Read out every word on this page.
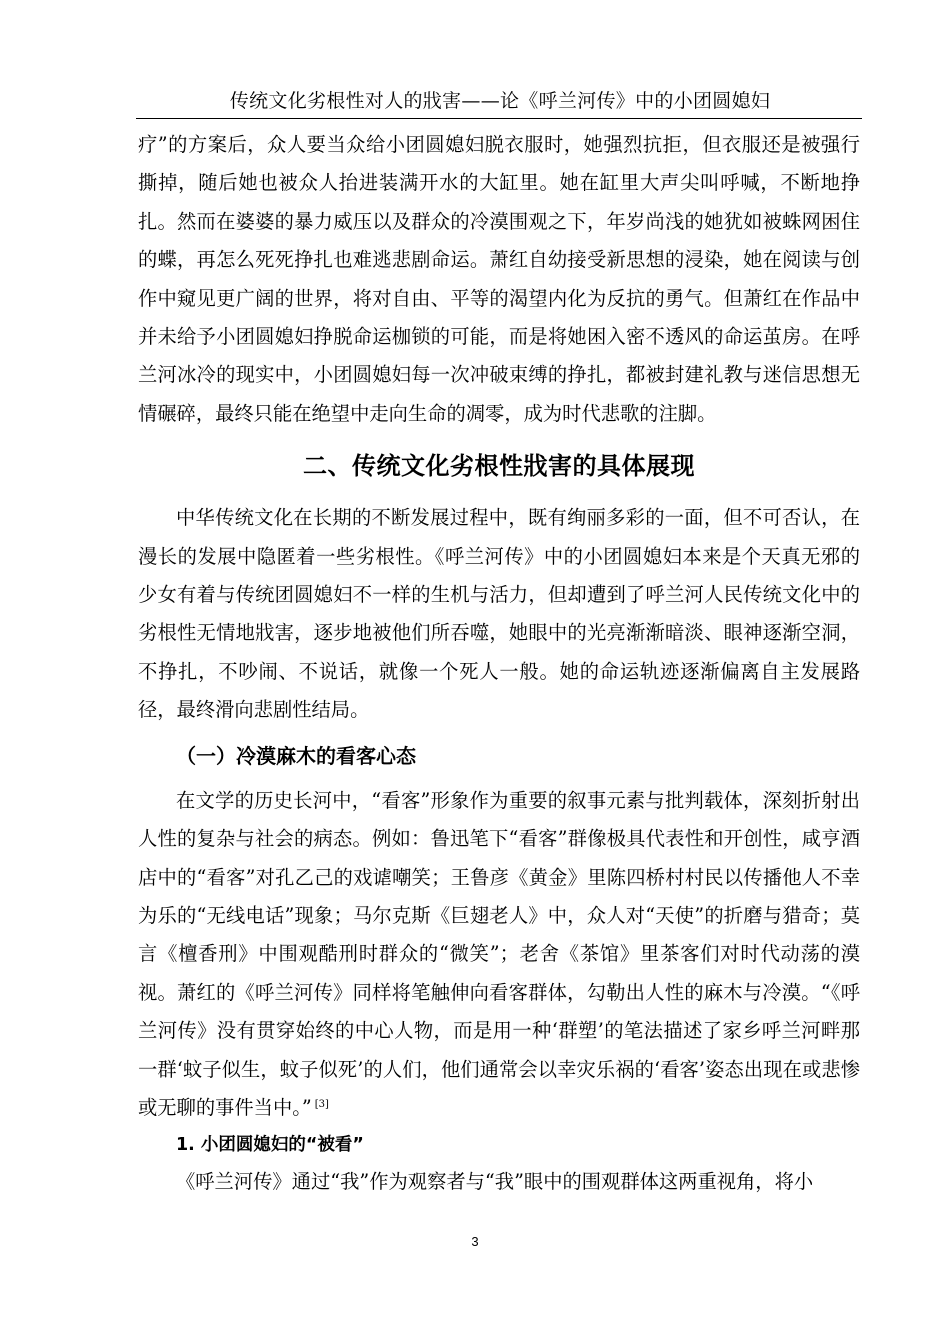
传统文化劣根性对人的戕害——论《呼兰河传》中的小团圆媳妇

疗”的方案后，众人要当众给小团圆媳妇脱衣服时，她强烈抗拒，但衣服还是被强行撕掉，随后她也被众人抬进装满开水的大缸里。她在缸里大声尖叫呼喊，不断地挣扎。然而在婆婆的暴力威压以及群众的冷漠围观之下，年岁尚浅的她犹如被蛛网困住的蝶，再怎么死死挣扎也难逃悲剧命运。萧红自幼接受新思想的浸染，她在阅读与创作中窥见更广阔的世界，将对自由、平等的渴望内化为反抗的勇气。但萧红在作品中并未给予小团圆媳妇挣脱命运枷锁的可能，而是将她困入密不透风的命运茧房。在呼兰河冰冷的现实中，小团圆媳妇每一次冲破束缚的挣扎，都被封建礼教与迷信思想无情碾碎，最终只能在绝望中走向生命的凋零，成为时代悲歌的注脚。

二、传统文化劣根性戕害的具体展现

中华传统文化在长期的不断发展过程中，既有绚丽多彩的一面，但不可否认，在漫长的发展中隐匿着一些劣根性。《呼兰河传》中的小团圆媳妇本来是个天真无邪的少女有着与传统团圆媳妇不一样的生机与活力，但却遭到了呼兰河人民传统文化中的劣根性无情地戕害，逐步地被他们所吞噬，她眼中的光亮渐渐暗淡、眼神逐渐空洞，不挣扎，不吵闹、不说话，就像一个死人一般。她的命运轨迹逐渐偏离自主发展路径，最终滑向悲剧性结局。

（一）冷漠麻木的看客心态

在文学的历史长河中，“看客”形象作为重要的叙事元素与批判载体，深刻折射出人性的复杂与社会的病态。例如：鲁迅笔下“看客”群像极具代表性和开创性，咸亨酒店中的“看客”对孔乙己的戏谑嘲笑；王鲁彦《黄金》里陈四桥村村民以传播他人不幸为乐的“无线电话”现象；马尔克斯《巨翅老人》中，众人对“天使”的折磨与猎奇；莫言《檀香刑》中围观酷刑时群众的“微笑”；老舍《茶馆》里茶客们对时代动荡的漠视。萧红的《呼兰河传》同样将笔触伸向看客群体，勾勒出人性的麻木与冷漠。“《呼兰河传》没有贯穿始终的中心人物，而是用一种‘群塑’的笔法描述了家乡呼兰河畔那一群‘蚊子似生，蚊子似死’的人们，他们通常会以幸灾乐祸的‘看客’姿态出现在或悲惨或无聊的事件当中。” [3]

1. 小团圆媳妇的“被看”

《呼兰河传》通过“我”作为观察者与“我”眼中的围观群体这两重视角，将小

3
